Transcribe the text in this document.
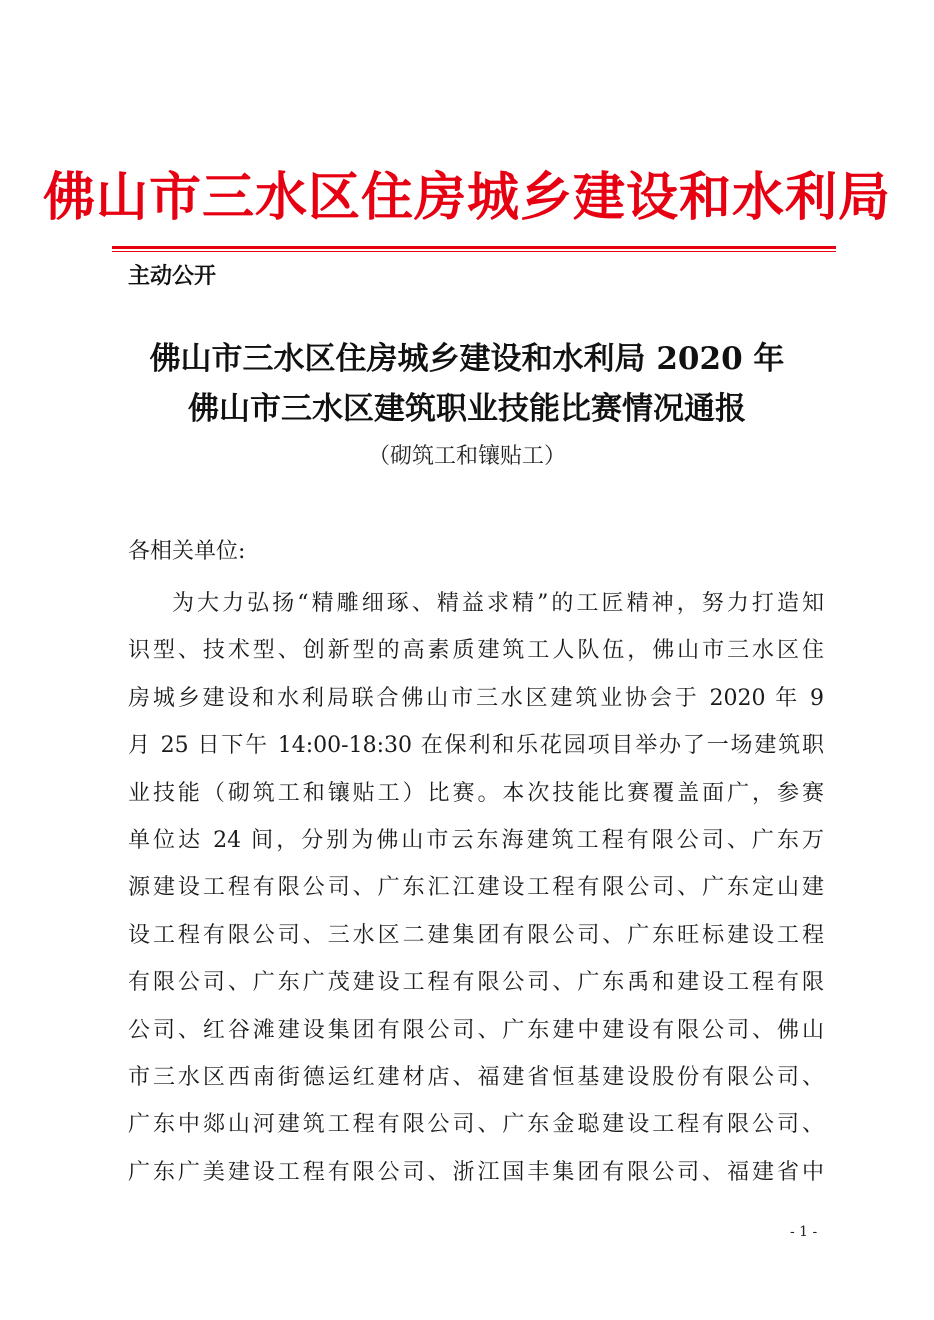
佛山市三水区住房城乡建设和水利局
主动公开
佛山市三水区住房城乡建设和水利局 2020 年
佛山市三水区建筑职业技能比赛情况通报
（砌筑工和镶贴工）
各相关单位:
为大力弘扬“精雕细琢、精益求精”的工匠精神，努力打造知
识型、技术型、创新型的高素质建筑工人队伍，佛山市三水区住
房城乡建设和水利局联合佛山市三水区建筑业协会于 2020 年 9
月 25 日下午 14:00-18:30 在保利和乐花园项目举办了一场建筑职
业技能（砌筑工和镶贴工）比赛。本次技能比赛覆盖面广，参赛
单位达 24 间，分别为佛山市云东海建筑工程有限公司、广东万
源建设工程有限公司、广东汇江建设工程有限公司、广东定山建
设工程有限公司、三水区二建集团有限公司、广东旺标建设工程
有限公司、广东广茂建设工程有限公司、广东禹和建设工程有限
公司、红谷滩建设集团有限公司、广东建中建设有限公司、佛山
市三水区西南街德运红建材店、福建省恒基建设股份有限公司、
广东中郯山河建筑工程有限公司、广东金聪建设工程有限公司、
广东广美建设工程有限公司、浙江国丰集团有限公司、福建省中
- 1 -
